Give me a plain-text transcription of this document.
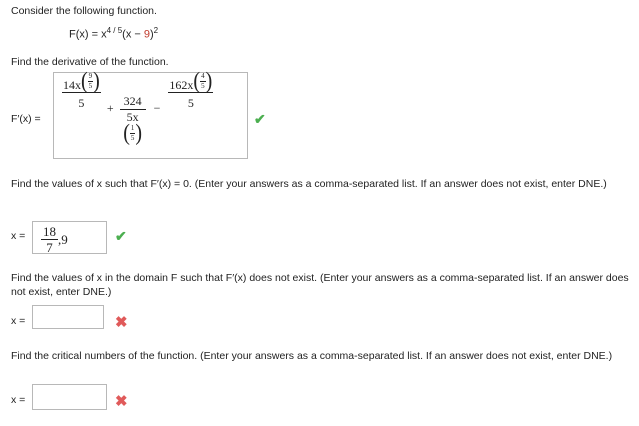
Consider the following function.
$F(x) = x^{4 / 5}(x - 9)^2$

Find the derivative of the function.

F′(x) =
$\frac{14x ( \frac{9}{5} )}{5} + 324$
5x
( $\frac{1}{5}$ ) − $\frac{162x ( \frac{4}{5} )}{5}$
✔

Find the values of x such that F′(x) = 0. (Enter your answers as a comma-separated list. If an answer does not exist, enter DNE.)

$x = \frac{18}{7} ,9$	✔

Find the values of x in the domain F such that F′(x) does not exist. (Enter your answers as a comma-separated list. If an answer does not exist, enter DNE.)

x =	✖

Find the critical numbers of the function. (Enter your answers as a comma-separated list. If an answer does not exist, enter DNE.)

x =	✖
